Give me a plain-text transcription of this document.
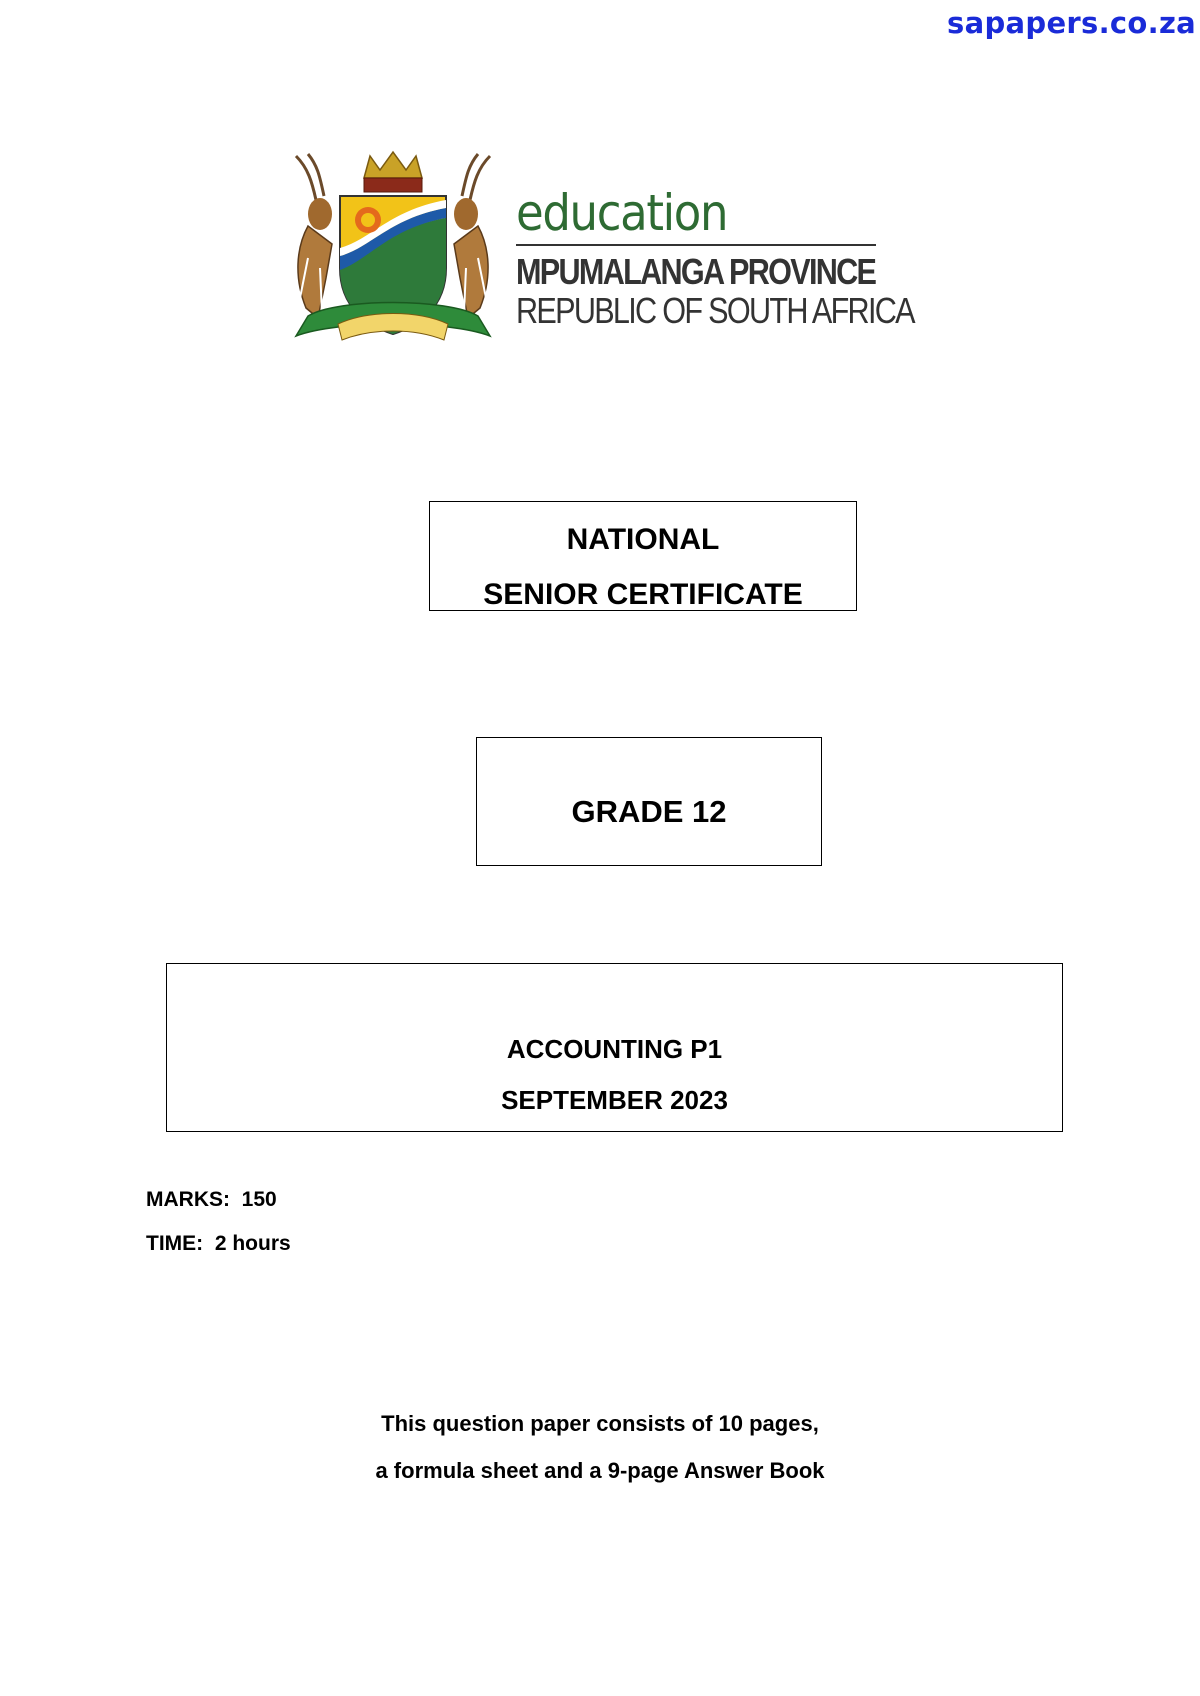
sapapers.co.za
education
MPUMALANGA PROVINCE
REPUBLIC OF SOUTH AFRICA
NATIONAL
SENIOR CERTIFICATE
GRADE 12
ACCOUNTING P1
SEPTEMBER 2023
MARKS:  150
TIME:  2 hours
This question paper consists of 10 pages,
a formula sheet and a 9-page Answer Book
